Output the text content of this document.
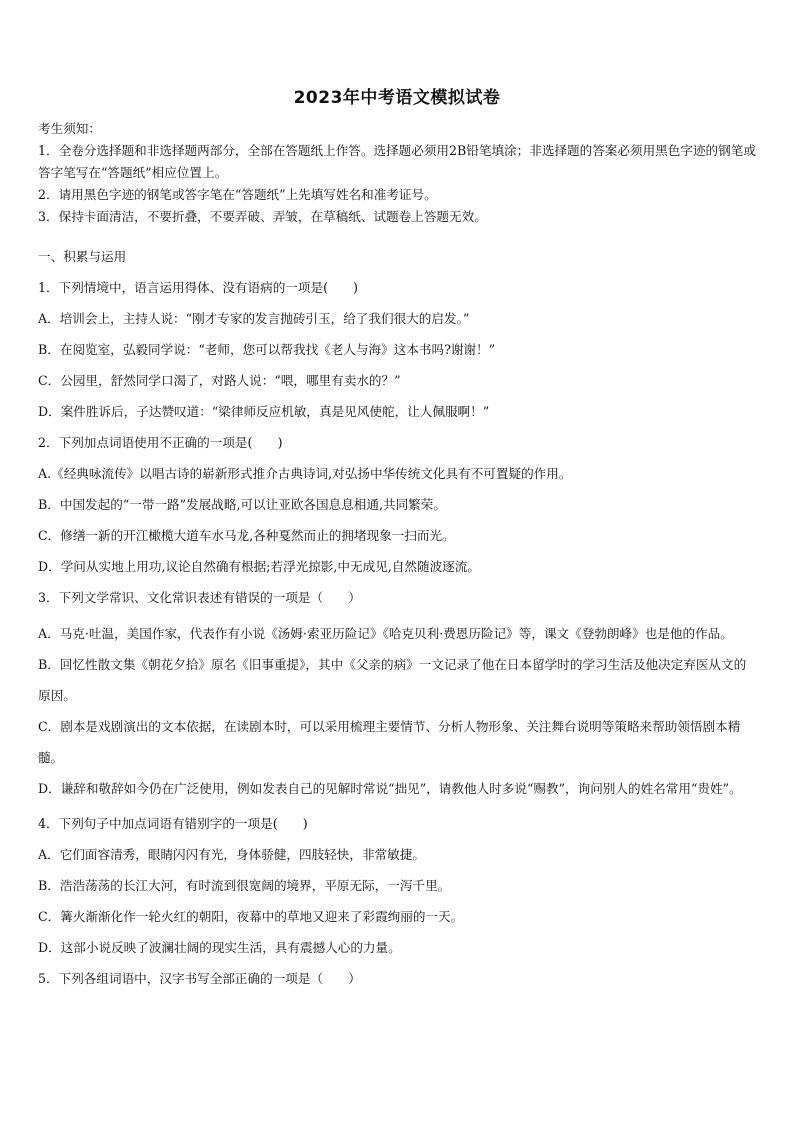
2023年中考语文模拟试卷

考生须知：

1．全卷分选择题和非选择题两部分，全部在答题纸上作答。选择题必须用2B铅笔填涂；非选择题的答案必须用黑色字迹的钢笔或答字笔写在“答题纸”相应位置上。

2．请用黑色字迹的钢笔或答字笔在“答题纸”上先填写姓名和准考证号。

3．保持卡面清洁，不要折叠，不要弄破、弄皱，在草稿纸、试题卷上答题无效。

一、积累与运用

1．下列情境中，语言运用得体、没有语病的一项是(　　)

A．培训会上，主持人说：“刚才专家的发言抛砖引玉，给了我们很大的启发。”

B．在阅览室，弘毅同学说：“老师，您可以帮我找《老人与海》这本书吗?谢谢！”

C．公园里，舒然同学口渴了，对路人说：“喂，哪里有卖水的？”

D．案件胜诉后，子达赞叹道：“梁律师反应机敏，真是见风使舵，让人佩服啊！”

2．下列加点词语使用不正确的一项是(　　)

A.《经典咏流传》以唱古诗的崭新形式推介古典诗词,对弘扬中华传统文化具有不可置疑的作用。

B．中国发起的“一带一路”发展战略,可以让亚欧各国息息相通,共同繁荣。

C．修缮一新的开江橄榄大道车水马龙,各种戛然而止的拥堵现象一扫而光。

D．学问从实地上用功,议论自然确有根据;若浮光掠影,中无成见,自然随波逐流。

3．下列文学常识、文化常识表述有错误的一项是（　　）

A．马克·吐温，美国作家，代表作有小说《汤姆·索亚历险记》《哈克贝利·费恩历险记》等，课文《登勃朗峰》也是他的作品。

B．回忆性散文集《朝花夕拾》原名《旧事重提》，其中《父亲的病》一文记录了他在日本留学时的学习生活及他决定弃医从文的原因。

C．剧本是戏剧演出的文本依据，在读剧本时，可以采用梳理主要情节、分析人物形象、关注舞台说明等策略来帮助领悟剧本精髓。

D．谦辞和敬辞如今仍在广泛使用，例如发表自己的见解时常说“拙见”，请教他人时多说“赐教”，询问别人的姓名常用“贵姓”。

4．下列句子中加点词语有错别字的一项是(　　)

A．它们面容清秀，眼睛闪闪有光，身体骄健，四肢轻快，非常敏捷。

B．浩浩荡荡的长江大河，有时流到很宽阔的境界，平原无际，一泻千里。

C．篝火渐渐化作一轮火红的朝阳，夜幕中的草地又迎来了彩霞绚丽的一天。

D．这部小说反映了波澜壮阔的现实生活，具有震撼人心的力量。

5．下列各组词语中，汉字书写全部正确的一项是（　　）
